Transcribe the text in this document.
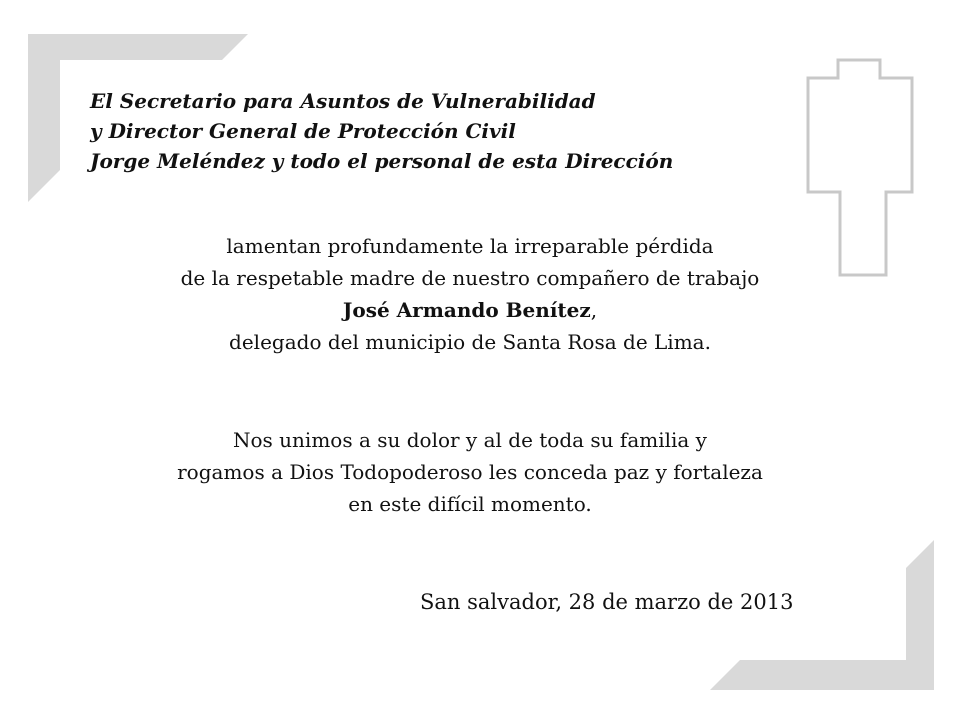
El Secretario para Asuntos de Vulnerabilidad
y Director General de Protección Civil
Jorge Meléndez y todo el personal de esta Dirección
lamentan profundamente la irreparable pérdida
de la respetable madre de nuestro compañero de trabajo
José Armando Benítez,
delegado del municipio de Santa Rosa de Lima.
Nos unimos a su dolor y al de toda su familia y
rogamos a Dios Todopoderoso les conceda paz y fortaleza
en este difícil momento.
San salvador, 28 de marzo de 2013
